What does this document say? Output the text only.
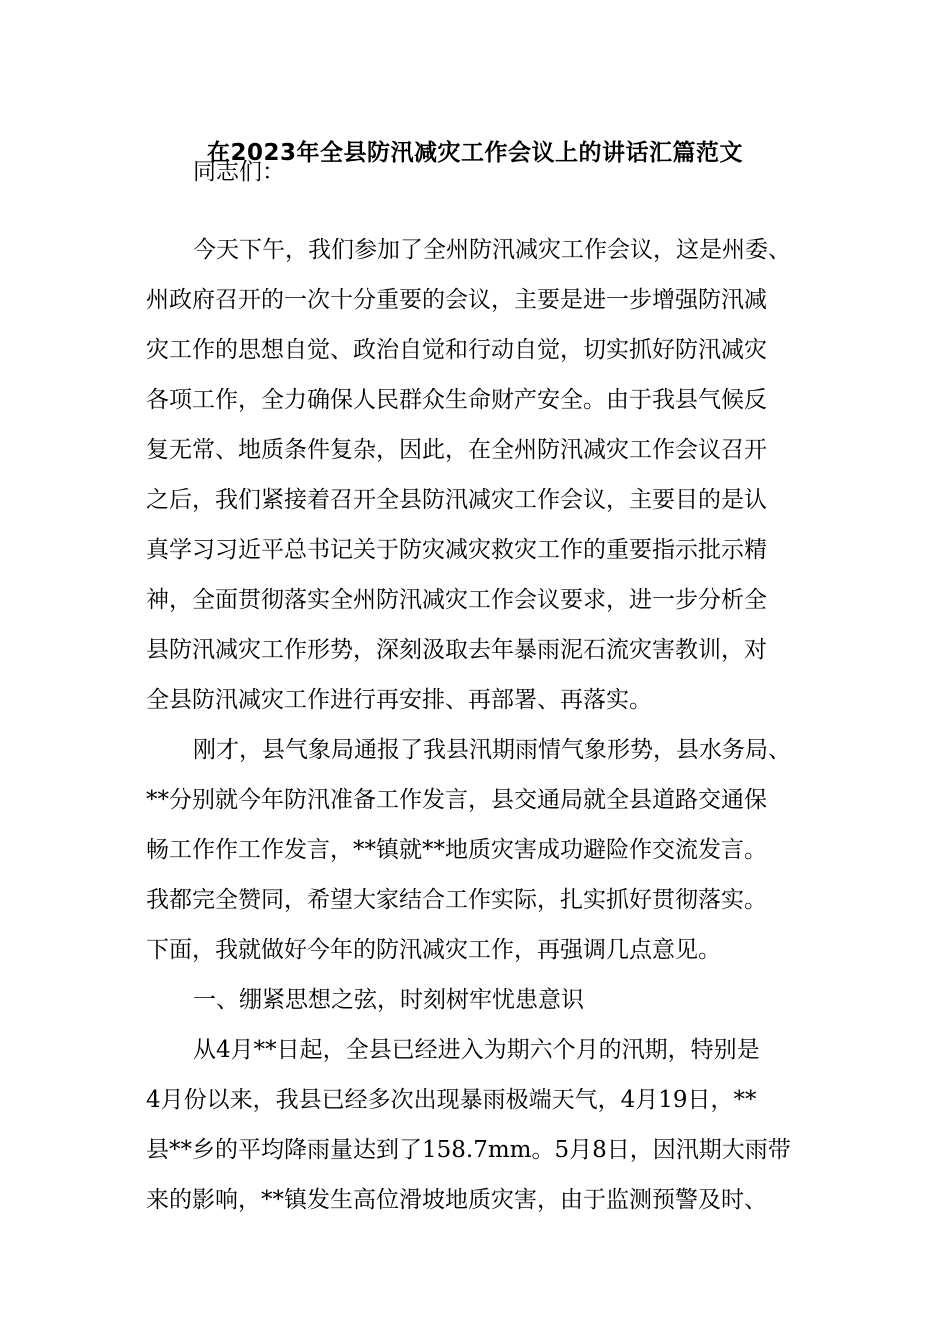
在2023年全县防汛减灾工作会议上的讲话汇篇范文
同志们：
今天下午，我们参加了全州防汛减灾工作会议，这是州委、
州政府召开的一次十分重要的会议，主要是进一步增强防汛减
灾工作的思想自觉、政治自觉和行动自觉，切实抓好防汛减灾
各项工作，全力确保人民群众生命财产安全。由于我县气候反
复无常、地质条件复杂，因此，在全州防汛减灾工作会议召开
之后，我们紧接着召开全县防汛减灾工作会议，主要目的是认
真学习习近平总书记关于防灾减灾救灾工作的重要指示批示精
神，全面贯彻落实全州防汛减灾工作会议要求，进一步分析全
县防汛减灾工作形势，深刻汲取去年暴雨泥石流灾害教训，对
全县防汛减灾工作进行再安排、再部署、再落实。
刚才，县气象局通报了我县汛期雨情气象形势，县水务局、
**分别就今年防汛准备工作发言，县交通局就全县道路交通保
畅工作作工作发言，**镇就**地质灾害成功避险作交流发言。
我都完全赞同，希望大家结合工作实际，扎实抓好贯彻落实。
下面，我就做好今年的防汛减灾工作，再强调几点意见。
一、绷紧思想之弦，时刻树牢忧患意识
从4月**日起，全县已经进入为期六个月的汛期，特别是
4月份以来，我县已经多次出现暴雨极端天气，4月19日，**
县**乡的平均降雨量达到了158.7mm。5月8日，因汛期大雨带
来的影响，**镇发生高位滑坡地质灾害，由于监测预警及时、
